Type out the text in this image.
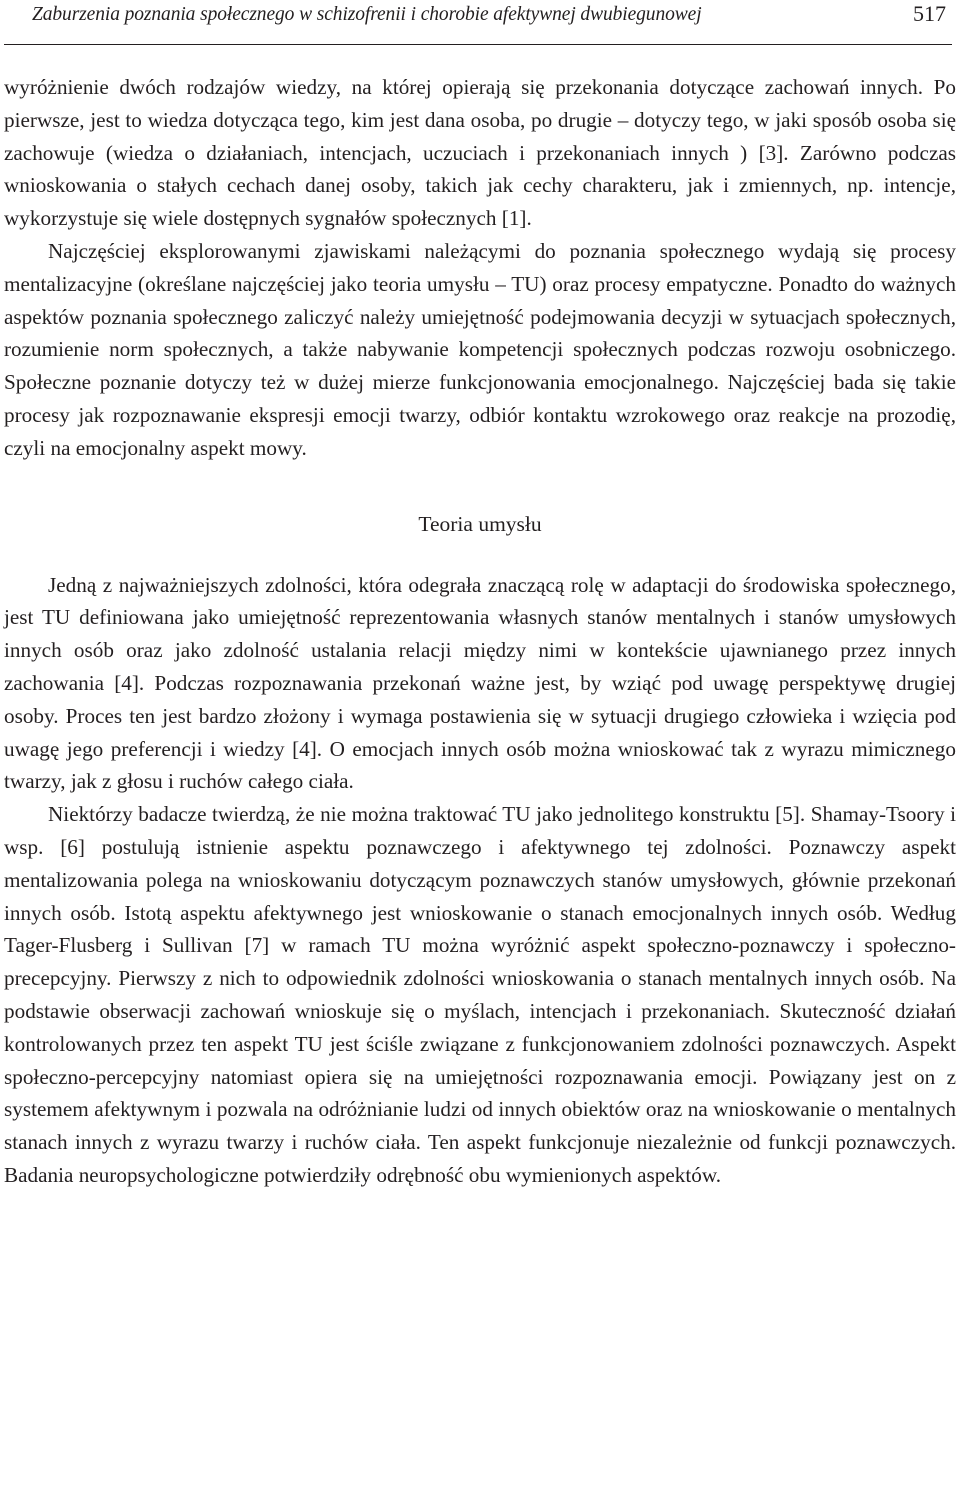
Zaburzenia poznania społecznego w schizofrenii i chorobie afektywnej dwubiegunowej	517

wyróżnienie dwóch rodzajów wiedzy, na której opierają się przekonania dotyczące zachowań innych. Po pierwsze, jest to wiedza dotycząca tego, kim jest dana osoba, po drugie – dotyczy tego, w jaki sposób osoba się zachowuje (wiedza o działaniach, intencjach, uczuciach i przekonaniach innych ) [3]. Zarówno podczas wnioskowania o stałych cechach danej osoby, takich jak cechy charakteru, jak i zmiennych, np. intencje, wykorzystuje się wiele dostępnych sygnałów społecznych [1].

Najczęściej eksplorowanymi zjawiskami należącymi do poznania społecznego wydają się procesy mentalizacyjne (określane najczęściej jako teoria umysłu – TU) oraz procesy empatyczne. Ponadto do ważnych aspektów poznania społecznego zaliczyć należy umiejętność podejmowania decyzji w sytuacjach społecznych, rozumienie norm społecznych, a także nabywanie kompetencji społecznych podczas rozwoju osobniczego. Społeczne poznanie dotyczy też w dużej mierze funkcjonowania emocjonalnego. Najczęściej bada się takie procesy jak rozpoznawanie ekspresji emocji twarzy, odbiór kontaktu wzrokowego oraz reakcje na prozodię, czyli na emocjonalny aspekt mowy.

Teoria umysłu

Jedną z najważniejszych zdolności, która odegrała znaczącą rolę w adaptacji do środowiska społecznego, jest TU definiowana jako umiejętność reprezentowania własnych stanów mentalnych i stanów umysłowych innych osób oraz jako zdolność ustalania relacji między nimi w kontekście ujawnianego przez innych zachowania [4]. Podczas rozpoznawania przekonań ważne jest, by wziąć pod uwagę perspektywę drugiej osoby. Proces ten jest bardzo złożony i wymaga postawienia się w sytuacji drugiego człowieka i wzięcia pod uwagę jego preferencji i wiedzy [4]. O emocjach innych osób można wnioskować tak z wyrazu mimicznego twarzy, jak z głosu i ruchów całego ciała.

Niektórzy badacze twierdzą, że nie można traktować TU jako jednolitego konstruktu [5]. Shamay-Tsoory i wsp. [6] postulują istnienie aspektu poznawczego i afektywnego tej zdolności. Poznawczy aspekt mentalizowania polega na wnioskowaniu dotyczącym poznawczych stanów umysłowych, głównie przekonań innych osób. Istotą aspektu afektywnego jest wnioskowanie o stanach emocjonalnych innych osób. Według Tager-Flusberg i Sullivan [7] w ramach TU można wyróżnić aspekt społeczno-poznawczy i społeczno-precepcyjny. Pierwszy z nich to odpowiednik zdolności wnioskowania o stanach mentalnych innych osób. Na podstawie obserwacji zachowań wnioskuje się o myślach, intencjach i przekonaniach. Skuteczność działań kontrolowanych przez ten aspekt TU jest ściśle związane z funkcjonowaniem zdolności poznawczych. Aspekt społeczno-percepcyjny natomiast opiera się na umiejętności rozpoznawania emocji. Powiązany jest on z systemem afektywnym i pozwala na odróżnianie ludzi od innych obiektów oraz na wnioskowanie o mentalnych stanach innych z wyrazu twarzy i ruchów ciała. Ten aspekt funkcjonuje niezależnie od funkcji poznawczych. Badania neuropsychologiczne potwierdziły odrębność obu wymienionych aspektów.
